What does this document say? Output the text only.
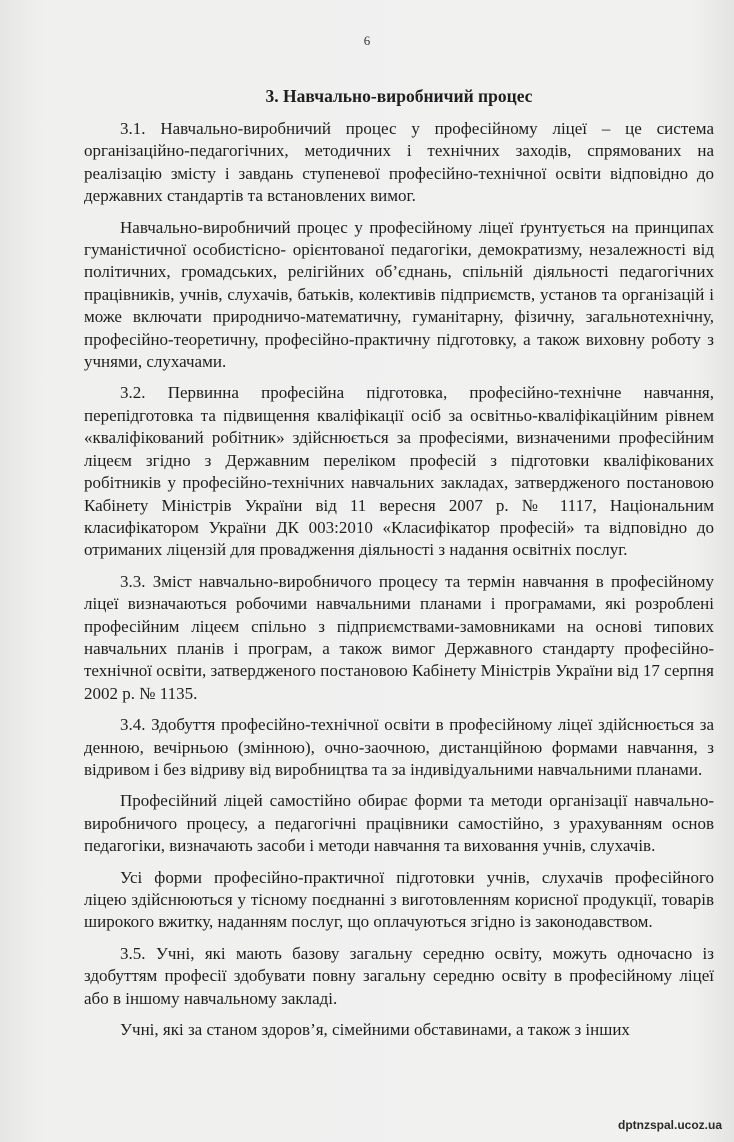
6
3. Навчально-виробничий процес

3.1. Навчально-виробничий процес у професійному ліцеї – це система організаційно-педагогічних, методичних і технічних заходів, спрямованих на реалізацію змісту і завдань ступеневої професійно-технічної освіти відповідно до державних стандартів та встановлених вимог.

Навчально-виробничий процес у професійному ліцеї ґрунтується на принципах гуманістичної особистісно- орієнтованої педагогіки, демократизму, незалежності від політичних, громадських, релігійних об’єднань, спільній діяльності педагогічних працівників, учнів, слухачів, батьків, колективів підприємств, установ та організацій і може включати природничо-математичну, гуманітарну, фізичну, загальнотехнічну, професійно-теоретичну, професійно-практичну підготовку, а також виховну роботу з учнями, слухачами.

3.2. Первинна професійна підготовка, професійно-технічне навчання, перепідготовка та підвищення кваліфікації осіб за освітньо-кваліфікаційним рівнем «кваліфікований робітник» здійснюється за професіями, визначеними професійним ліцеєм згідно з Державним переліком професій з підготовки кваліфікованих робітників у професійно-технічних навчальних закладах, затвердженого постановою Кабінету Міністрів України від 11 вересня 2007 р. № 1117, Національним класифікатором України ДК 003:2010 «Класифікатор професій» та відповідно до отриманих ліцензій для провадження діяльності з надання освітніх послуг.

3.3. Зміст навчально-виробничого процесу та термін навчання в професійному ліцеї визначаються робочими навчальними планами і програмами, які розроблені професійним ліцеєм спільно з підприємствами-замовниками на основі типових навчальних планів і програм, а також вимог Державного стандарту професійно-технічної освіти, затвердженого постановою Кабінету Міністрів України від 17 серпня 2002 р. № 1135.

3.4. Здобуття професійно-технічної освіти в професійному ліцеї здійснюється за денною, вечірньою (змінною), очно-заочною, дистанційною формами навчання, з відривом і без відриву від виробництва та за індивідуальними навчальними планами.

Професійний ліцей самостійно обирає форми та методи організації навчально-виробничого процесу, а педагогічні працівники самостійно, з урахуванням основ педагогіки, визначають засоби і методи навчання та виховання учнів, слухачів.

Усі форми професійно-практичної підготовки учнів, слухачів професійного ліцею здійснюються у тісному поєднанні з виготовленням корисної продукції, товарів широкого вжитку, наданням послуг, що оплачуються згідно із законодавством.

3.5. Учні, які мають базову загальну середню освіту, можуть одночасно із здобуттям професії здобувати повну загальну середню освіту в професійному ліцеї або в іншому навчальному закладі.

Учні, які за станом здоров’я, сімейними обставинами, а також з інших

dptnzspal.ucoz.ua
